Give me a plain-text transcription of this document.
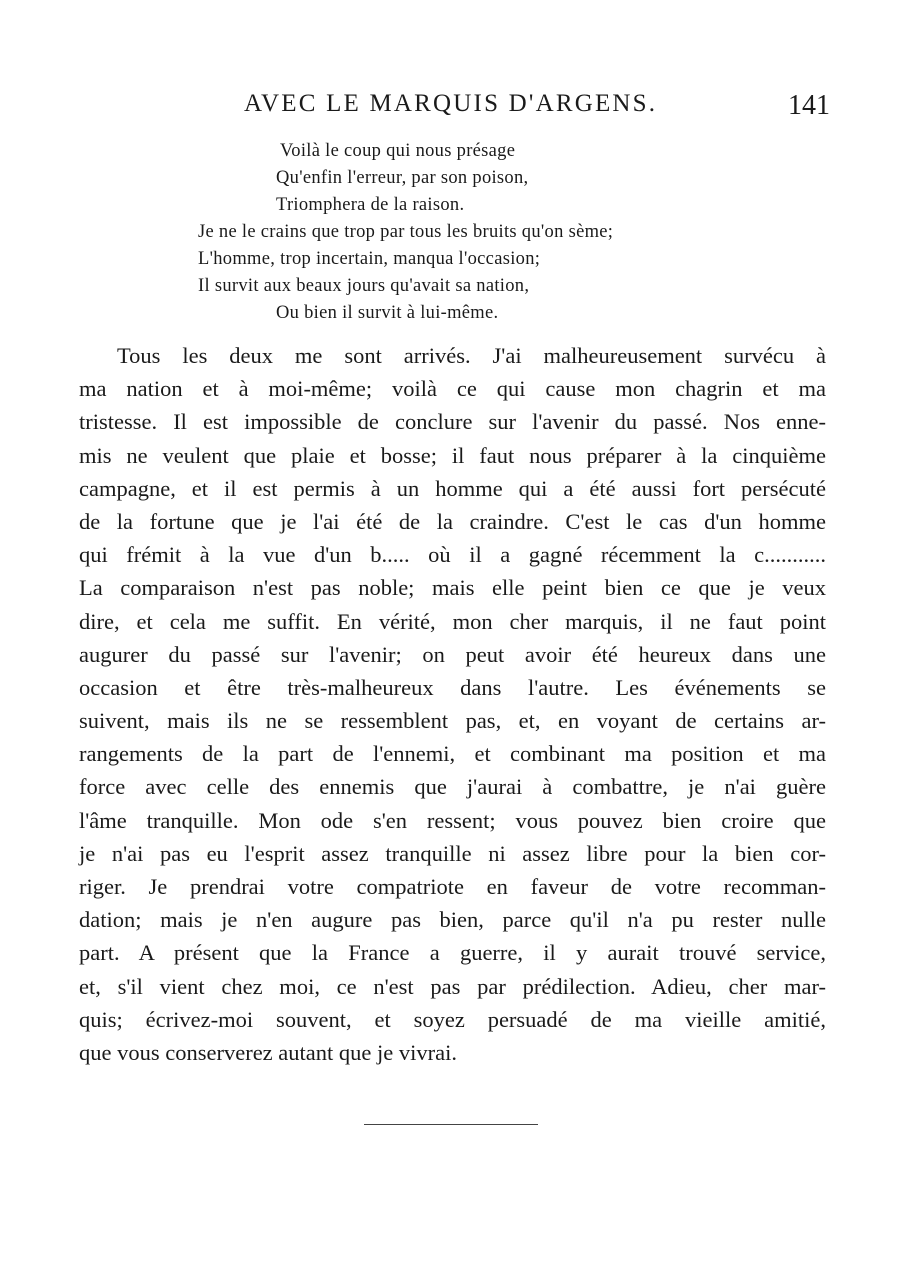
AVEC LE MARQUIS D'ARGENS.	141
Voilà le coup qui nous présage
Qu'enfin l'erreur, par son poison,
Triomphera de la raison.
Je ne le crains que trop par tous les bruits qu'on sème;
L'homme, trop incertain, manqua l'occasion;
Il survit aux beaux jours qu'avait sa nation,
Ou bien il survit à lui-même.
Tous les deux me sont arrivés. J'ai malheureusement survécu à
ma nation et à moi-même; voilà ce qui cause mon chagrin et ma
tristesse. Il est impossible de conclure sur l'avenir du passé. Nos enne-
mis ne veulent que plaie et bosse; il faut nous préparer à la cinquième
campagne, et il est permis à un homme qui a été aussi fort persécuté
de la fortune que je l'ai été de la craindre. C'est le cas d'un homme
qui frémit à la vue d'un b..... où il a gagné récemment la c...........
La comparaison n'est pas noble; mais elle peint bien ce que je veux
dire, et cela me suffit. En vérité, mon cher marquis, il ne faut point
augurer du passé sur l'avenir; on peut avoir été heureux dans une
occasion et être très-malheureux dans l'autre. Les événements se
suivent, mais ils ne se ressemblent pas, et, en voyant de certains ar-
rangements de la part de l'ennemi, et combinant ma position et ma
force avec celle des ennemis que j'aurai à combattre, je n'ai guère
l'âme tranquille. Mon ode s'en ressent; vous pouvez bien croire que
je n'ai pas eu l'esprit assez tranquille ni assez libre pour la bien cor-
riger. Je prendrai votre compatriote en faveur de votre recomman-
dation; mais je n'en augure pas bien, parce qu'il n'a pu rester nulle
part. A présent que la France a guerre, il y aurait trouvé service,
et, s'il vient chez moi, ce n'est pas par prédilection. Adieu, cher mar-
quis; écrivez-moi souvent, et soyez persuadé de ma vieille amitié,
que vous conserverez autant que je vivrai.
